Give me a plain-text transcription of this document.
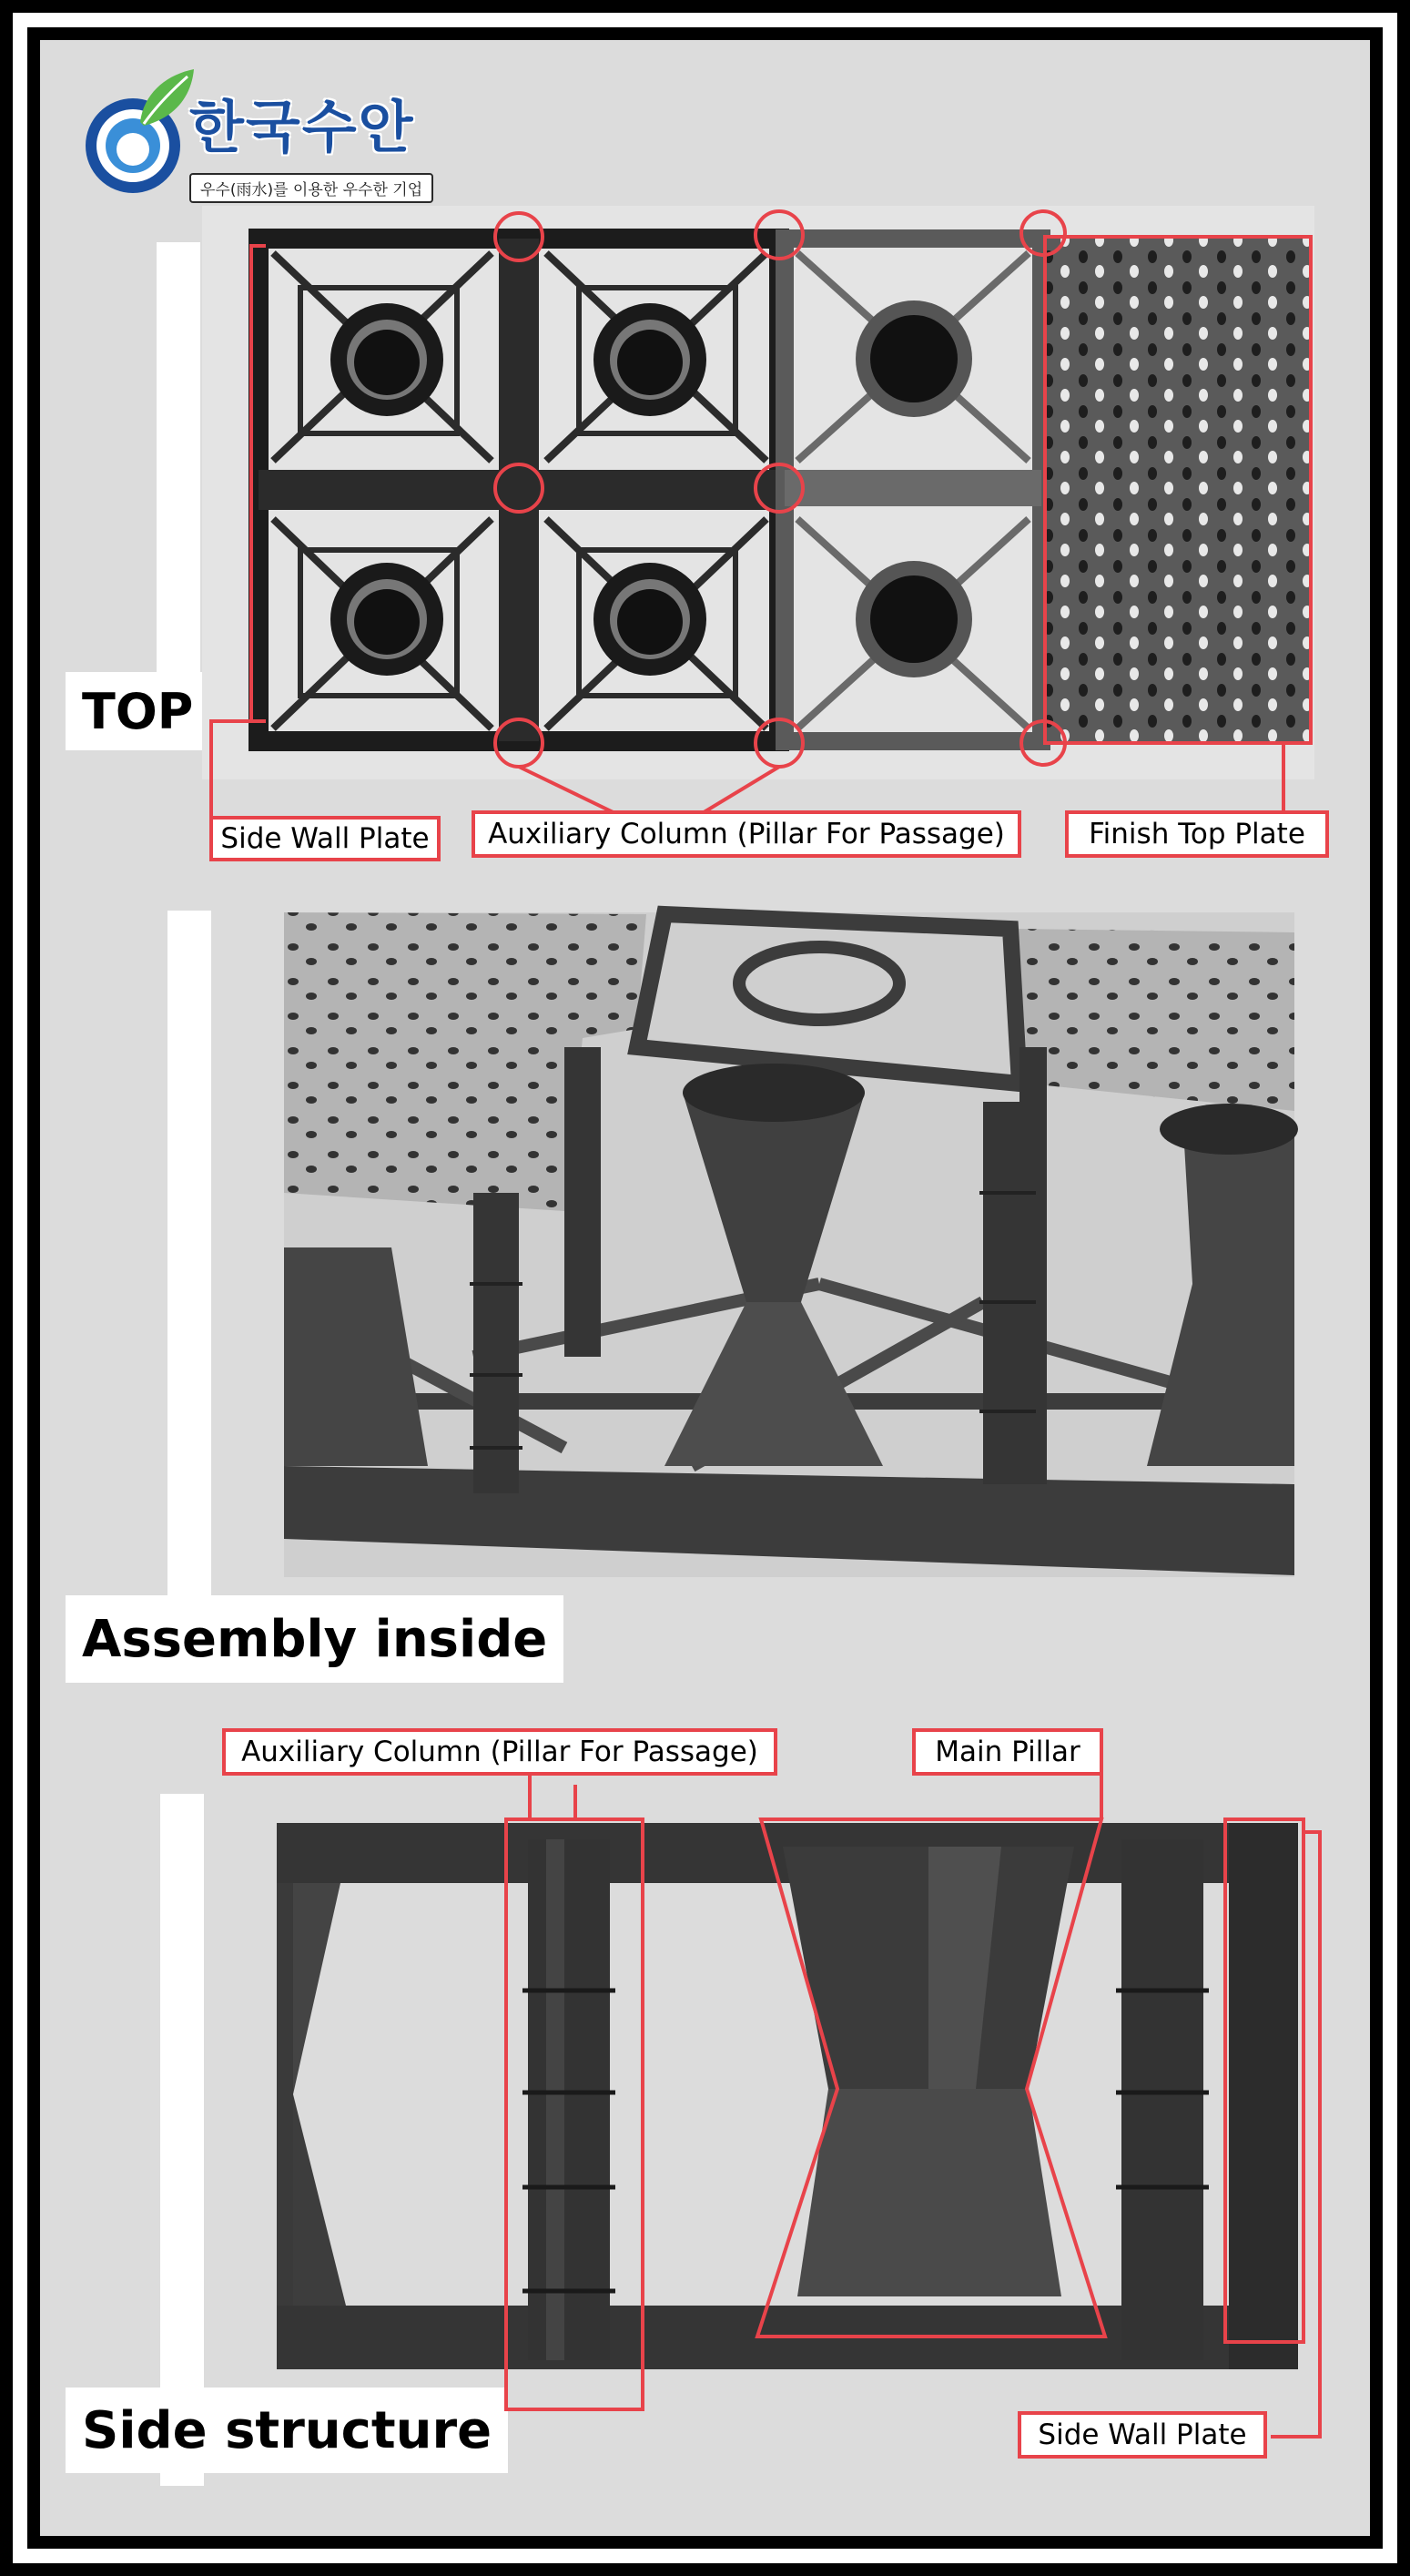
한국수안
우수(雨水)를 이용한 우수한 기업
TOP
Side Wall Plate	Auxiliary Column (Pillar For Passage)	Finish Top Plate
Assembly inside
Side structure
Auxiliary Column (Pillar For Passage)	Main Pillar
Side Wall Plate
